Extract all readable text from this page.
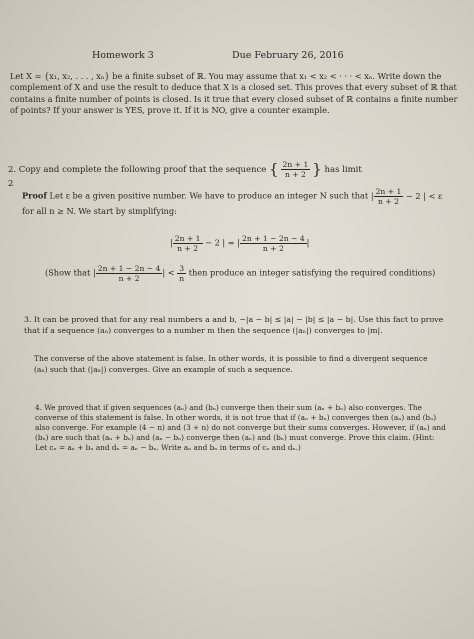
Homework 3	Due February 26, 2016
Let X = {x₁, x₂, . . . , xₙ} be a finite subset of ℝ. You may assume that x₁ < x₂ < · · · < xₙ. Write down the complement of X and use the result to deduce that X is a closed set. This proves that every subset of ℝ that contains a finite number of points is closed. Is it true that every closed subset of ℝ contains a finite number of points? If your answer is YES, prove it. If it is NO, give a counter example.
2. Copy and complete the following proof that the sequence { $\frac{2n + 1}{n + 2}$ } has limit 2
Proof Let ε be a given positive number. We have to produce an integer N such that | $\frac{2n + 1}{n + 2} - 2$ | < ε
for all n ≥ N. We start by simplifying:
| $\frac{2n + 1}{n + 2} - 2$ | = | $\frac{2n + 1 - 2n - 4}{n + 2}$ |
(Show that | $\frac{2n + 1 - 2n - 4}{n + 2}$ | < $\frac{3}{n}$ then produce an integer satisfying the required conditions)
3. It can be proved that for any real numbers a and b, −|a − b| ≤ |a| − |b| ≤ |a − b|. Use this fact to prove that if a sequence (aₙ) converges to a number m then the sequence (|aₙ|) converges to |m|.
The converse of the above statement is false. In other words, it is possible to find a divergent sequence (aₙ) such that (|aₙ|) converges. Give an example of such a sequence.
4. We proved that if given sequences (aₙ) and (bₙ) converge then their sum (aₙ + bₙ) also converges. The converse of this statement is false. In other words, it is not true that if (aₙ + bₙ) converges then (aₙ) and (bₙ) also converge. For example (4 − n) and (3 + n) do not converge but their sums converges. However, if (aₙ) and (bₙ) are such that (aₙ + bₙ) and (aₙ − bₙ) converge then (aₙ) and (bₙ) must converge. Prove this claim. (Hint: Let cₙ = aₙ + bₙ and dₙ = aₙ − bₙ. Write aₙ and bₙ in terms of cₙ and dₙ.)
